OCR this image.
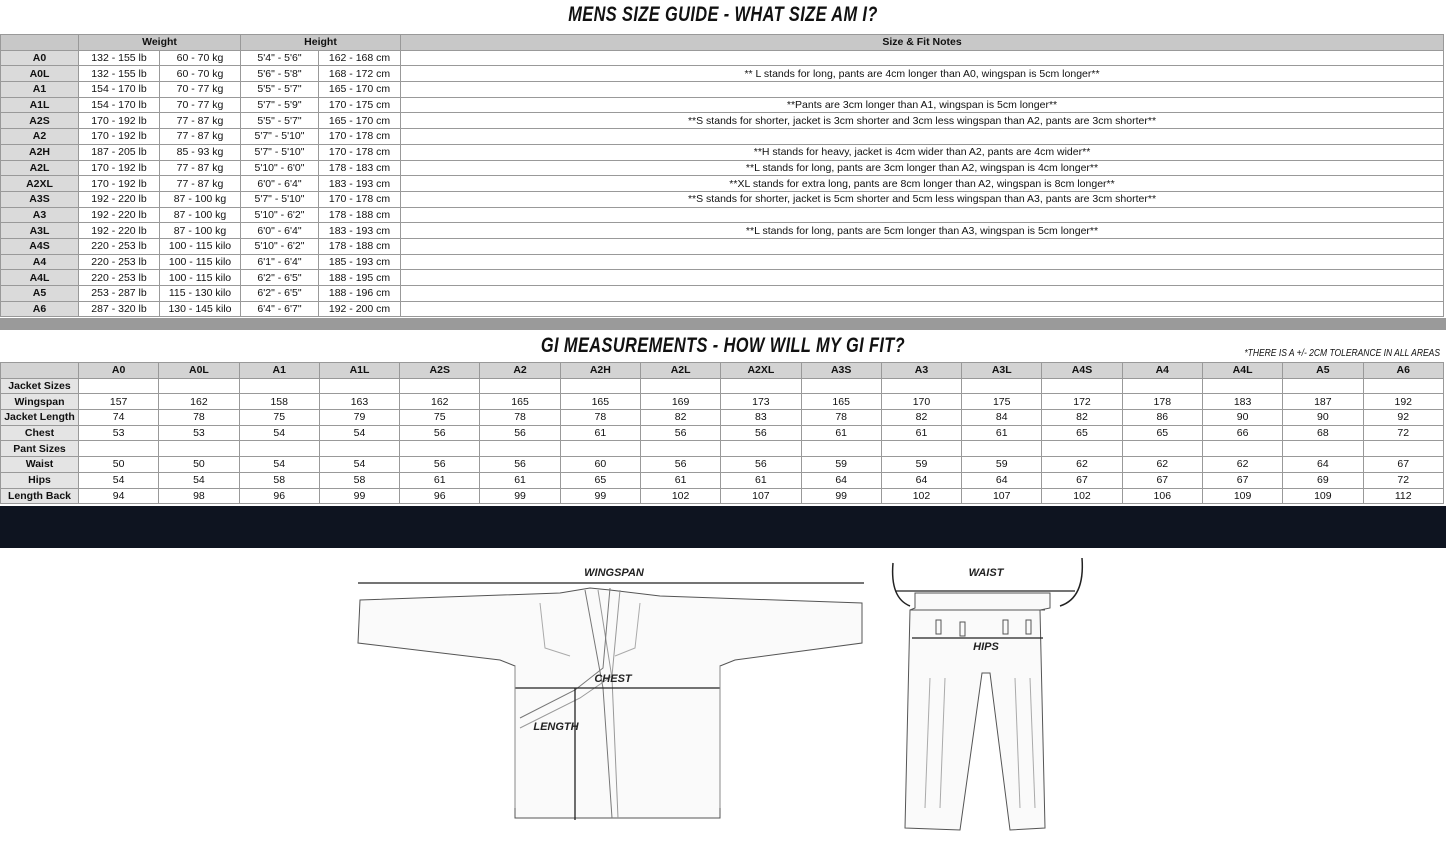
MENS SIZE GUIDE - WHAT SIZE AM I?
	Weight		Height		Size & Fit Notes
A0	132 - 155 lb	60 - 70 kg	5'4" - 5'6"	162 - 168 cm	
A0L	132 - 155 lb	60 - 70 kg	5'6" - 5'8"	168 - 172 cm	** L stands for long, pants are 4cm longer than A0, wingspan is 5cm longer**
A1	154 - 170 lb	70 - 77 kg	5'5" - 5'7"	165 - 170 cm	
A1L	154 - 170 lb	70 - 77 kg	5'7" - 5'9"	170 - 175 cm	**Pants are 3cm longer than A1, wingspan is 5cm longer**
A2S	170 - 192 lb	77 - 87 kg	5'5" - 5'7"	165 - 170 cm	**S stands for shorter, jacket is 3cm shorter and 3cm less wingspan than A2, pants are 3cm shorter**
A2	170 - 192 lb	77 - 87 kg	5'7" - 5'10"	170 - 178 cm	
A2H	187 - 205 lb	85 - 93 kg	5'7" - 5'10"	170 - 178 cm	**H stands for heavy, jacket is 4cm wider than A2, pants are 4cm wider**
A2L	170 - 192 lb	77 - 87 kg	5'10" - 6'0"	178 - 183 cm	**L stands for long, pants are 3cm longer than A2, wingspan is 4cm longer**
A2XL	170 - 192 lb	77 - 87 kg	6'0" - 6'4"	183 - 193 cm	**XL stands for extra long, pants are 8cm longer than A2, wingspan is 8cm longer**
A3S	192 - 220 lb	87 - 100 kg	5'7" - 5'10"	170 - 178 cm	**S stands for shorter, jacket is 5cm shorter and 5cm less wingspan than A3, pants are 3cm shorter**
A3	192 - 220 lb	87 - 100 kg	5'10" - 6'2"	178 - 188 cm	
A3L	192 - 220 lb	87 - 100 kg	6'0" - 6'4"	183 - 193 cm	**L stands for long, pants are 5cm longer than A3, wingspan is 5cm longer**
A4S	220 - 253 lb	100 - 115 kilo	5'10" - 6'2"	178 - 188 cm	
A4	220 - 253 lb	100 - 115 kilo	6'1" - 6'4"	185 - 193 cm	
A4L	220 - 253 lb	100 - 115 kilo	6'2" - 6'5"	188 - 195 cm	
A5	253 - 287 lb	115 - 130 kilo	6'2" - 6'5"	188 - 196 cm	
A6	287 - 320 lb	130 - 145 kilo	6'4" - 6'7"	192 - 200 cm	
GI MEASUREMENTS - HOW WILL MY GI FIT?	*THERE IS A +/- 2CM TOLERANCE IN ALL AREAS
	A0	A0L	A1	A1L	A2S	A2	A2H	A2L	A2XL	A3S	A3	A3L	A4S	A4	A4L	A5	A6
Jacket Sizes																	
Wingspan	157	162	158	163	162	165	165	169	173	165	170	175	172	178	183	187	192
Jacket Length	74	78	75	79	75	78	78	82	83	78	82	84	82	86	90	90	92
Chest	53	53	54	54	56	56	61	56	56	61	61	61	65	65	66	68	72
Pant Sizes																	
Waist	50	50	54	54	56	56	60	56	56	59	59	59	62	62	62	64	67
Hips	54	54	58	58	61	61	65	61	61	64	64	64	67	67	67	69	72
Length Back	94	98	96	99	96	99	99	102	107	99	102	107	102	106	109	109	112
WINGSPAN
CHEST
LENGTH
WAIST
HIPS
